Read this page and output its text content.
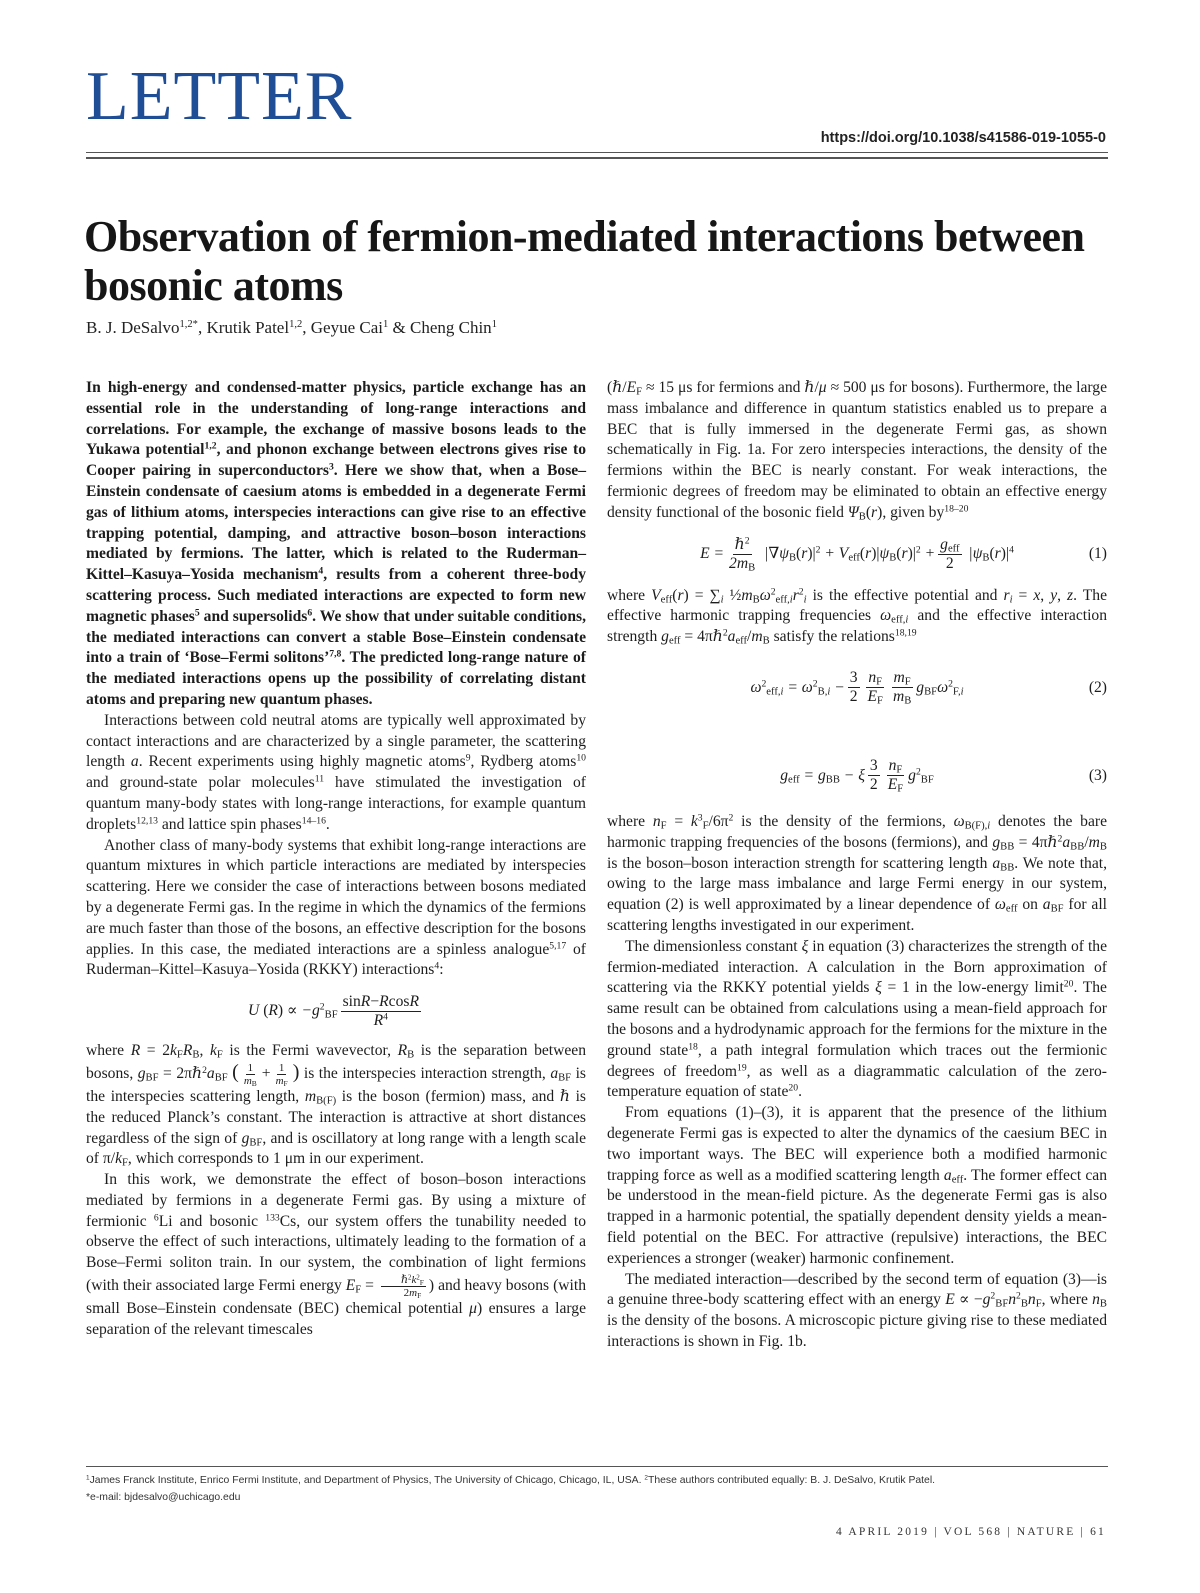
LETTER
https://doi.org/10.1038/s41586-019-1055-0
Observation of fermion-mediated interactions between bosonic atoms
B. J. DeSalvo$^{1,2*}$, Krutik Patel$^{1,2}$, Geyue Cai$^1$ & Cheng Chin$^1$

In high-energy and condensed-matter physics, particle exchange has an essential role in the understanding of long-range interactions and correlations. For example, the exchange of massive bosons leads to the Yukawa potential$^{1,2}$, and phonon exchange between electrons gives rise to Cooper pairing in superconductors$^3$. Here we show that, when a Bose–Einstein condensate of caesium atoms is embedded in a degenerate Fermi gas of lithium atoms, interspecies interactions can give rise to an effective trapping potential, damping, and attractive boson–boson interactions mediated by fermions. The latter, which is related to the Ruderman–Kittel–Kasuya–Yosida mechanism$^4$, results from a coherent three-body scattering process. Such mediated interactions are expected to form new magnetic phases$^5$ and supersolids$^6$. We show that under suitable conditions, the mediated interactions can convert a stable Bose–Einstein condensate into a train of ‘Bose–Fermi solitons’$^{7,8}$. The predicted long-range nature of the mediated interactions opens up the possibility of correlating distant atoms and preparing new quantum phases.

Interactions between cold neutral atoms are typically well approximated by contact interactions and are characterized by a single parameter, the scattering length a. Recent experiments using highly magnetic atoms$^9$, Rydberg atoms$^{10}$ and ground-state polar molecules$^{11}$ have stimulated the investigation of quantum many-body states with long-range interactions, for example quantum droplets$^{12,13}$ and lattice spin phases$^{14-16}$.

Another class of many-body systems that exhibit long-range interactions are quantum mixtures in which particle interactions are mediated by interspecies scattering. Here we consider the case of interactions between bosons mediated by a degenerate Fermi gas. In the regime in which the dynamics of the fermions are much faster than those of the bosons, an effective description for the bosons applies. In this case, the mediated interactions are a spinless analogue$^{5,17}$ of Ruderman–Kittel–Kasuya–Yosida (RKKY) interactions$^4$:

U $(R) \propto -g^2_{BF} \frac{\sin R-RcosR}{R^4}$

where $R = 2k_FR_B$, $k_F$ is the Fermi wavevector, $R_B$ is the separation between bosons, $g_{BF}$ = $2\pi\hbar^2a_{BF}$ ( $\frac{1}{m_B} + \frac{1}{m_F}$ ) is the interspecies interaction strength, $a_{BF}$ is the interspecies scattering length, $m_{B(F)}$ is the boson (fermion) mass, and ℏ is the reduced Planck’s constant. The interaction is attractive at short distances regardless of the sign of $g_{BF}$, and is oscillatory at long range with a length scale of $\pi/k_F$, which corresponds to 1 μm in our experiment.

In this work, we demonstrate the effect of boson–boson interactions mediated by fermions in a degenerate Fermi gas. By using a mixture of fermionic $^6$Li and bosonic $^{133}$Cs, our system offers the tunability needed to observe the effect of such interactions, ultimately leading to the formation of a Bose–Fermi soliton train. In our system, the combination of light fermions (with their associated large Fermi energy $E_F = \frac{\hbar^2k^2_F}{2m_F}$ ) and heavy bosons (with small Bose–Einstein condensate (BEC) chemical potential μ) ensures a large separation of the relevant timescales

($\hbar/E_F \approx 15$ μs for fermions and ℏ/μ ≈ 500 μs for bosons). Furthermore, the large mass imbalance and difference in quantum statistics enabled us to prepare a BEC that is fully immersed in the degenerate Fermi gas, as shown schematically in Fig. 1a. For zero interspecies interactions, the density of the fermions within the BEC is nearly constant. For weak interactions, the fermionic degrees of freedom may be eliminated to obtain an effective energy density functional of the bosonic field $\Psi_B(r)$, given $by^{18-20}$

$E = \frac{\hbar^2}{2m_B} |\nabla\psi_B(r)|^2 + V_{eff}(r)|\psi_B(r)|^2 + \frac{g_{eff}}{2} |\psi_B(r)|^4$	(1)

where $V_{eff}(r) = \sum_i$ $\frac{1}{2}m_B\omega^2_{eff,i}r^2_i$ is the effective potential and $r_i = x$, y, z. The effective harmonic trapping frequencies $\omega_{eff,i}$ and the effective interaction strength $g_{eff}$ = $4\pi\hbar^2a_{eff}/m_B$ satisfy the relations$^{18,19}$

$\omega^2_{eff,i} = \omega^2_{B,i} - \frac{3}{2} \frac{n_F}{E_F} \frac{m_F}{m_B} g_{BF}\omega^2_{F,i}$	(2)
$g_{eff} = g_{BB} - \xi \frac{3}{2} \frac{n_F}{E_F} g^2_{BF}$	(3)

where $n_F = k^3_F/6\pi^2$ is the density of the fermions, $\omega_{B(F),i}$ denotes the bare harmonic trapping frequencies of the bosons (fermions), and $g_{BB}$ = $4\pi\hbar^2a_{BB}/m_B$ is the boson–boson interaction strength for scattering length $a_{BB}$. We note that, owing to the large mass imbalance and large Fermi energy in our system, equation (2) is well approximated by a linear dependence of $\omega_{eff}$ on $a_{BF}$ for all scattering lengths investigated in our experiment.

The dimensionless constant ξ in equation (3) characterizes the strength of the fermion-mediated interaction. A calculation in the Born approximation of scattering via the RKKY potential yields ξ = 1 in the low-energy limit$^{20}$. The same result can be obtained from calculations using a mean-field approach for the bosons and a hydrodynamic approach for the fermions for the mixture in the ground state$^{18}$, a path integral formulation which traces out the fermionic degrees of freedom$^{19}$, as well as a diagrammatic calculation of the zero-temperature equation of state$^{20}$.

From equations (1)–(3), it is apparent that the presence of the lithium degenerate Fermi gas is expected to alter the dynamics of the caesium BEC in two important ways. The BEC will experience both a modified harmonic trapping force as well as a modified scattering length $a_{eff}$. The former effect can be understood in the mean-field picture. As the degenerate Fermi gas is also trapped in a harmonic potential, the spatially dependent density yields a mean-field potential on the BEC. For attractive (repulsive) interactions, the BEC experiences a stronger (weaker) harmonic confinement.

The mediated interaction—described by the second term of equation (3)—is a genuine three-body scattering effect with an energy $E \propto -g^2_{BF}n^2_Bn_F$, where $n_B$ is the density of the bosons. A microscopic picture giving rise to these mediated interactions is shown in Fig. 1b.

$^1$James Franck Institute, Enrico Fermi Institute, and Department of Physics, The University of Chicago, Chicago, IL, USA. $^2$These authors contributed equally: B. J. DeSalvo, Krutik Patel.
*e-mail: bjdesalvo@uchicago.edu
4 APRIL 2019 | VOL 568 | NATURE | 61
